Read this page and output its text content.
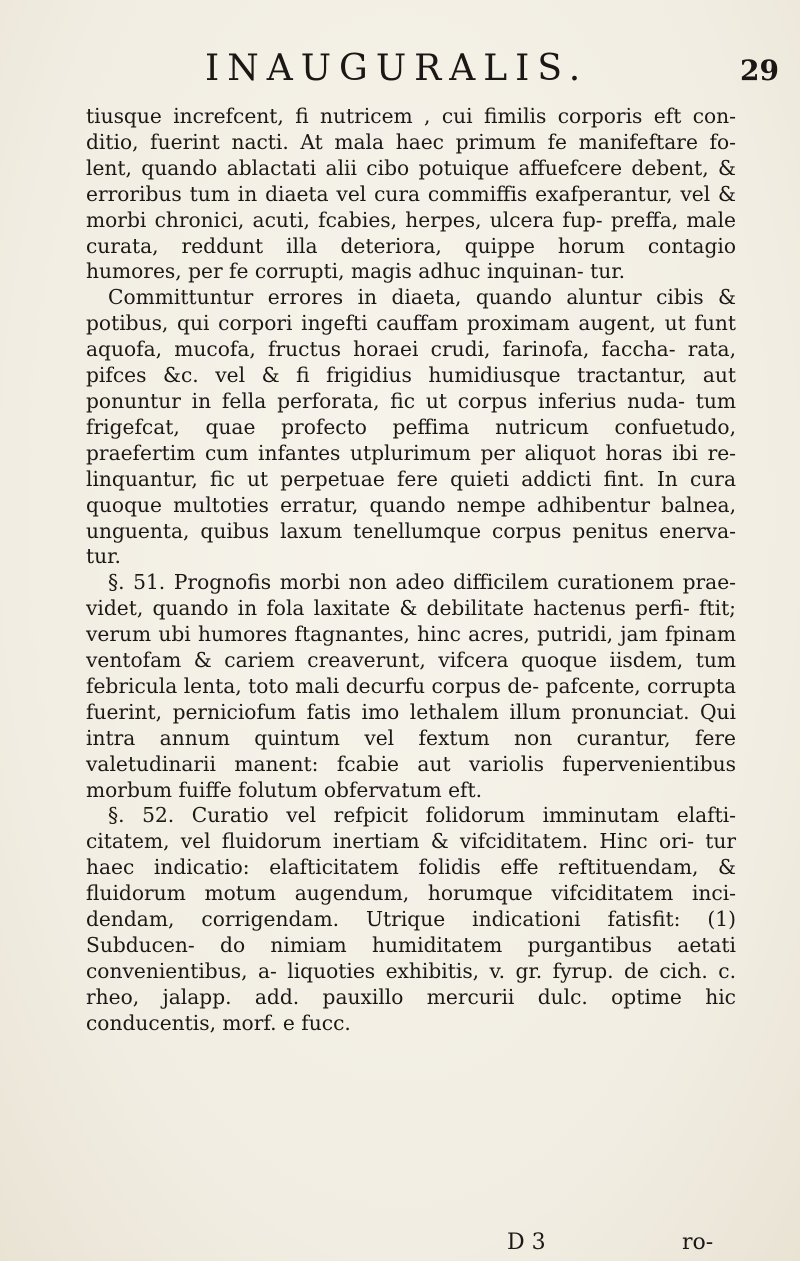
INAUGURALIS.	29

tiusque increfcent, fi nutricem , cui fimilis corporis eft con- ditio, fuerint nacti. At mala haec primum fe manifeftare fo- lent, quando ablactati alii cibo potuique affuefcere debent, & erroribus tum in diaeta vel cura commiffis exafperantur, vel & morbi chronici, acuti, fcabies, herpes, ulcera fup- preffa, male curata, reddunt illa deteriora, quippe horum contagio humores, per fe corrupti, magis adhuc inquinan- tur.

Committuntur errores in diaeta, quando aluntur cibis & potibus, qui corpori ingefti cauffam proximam augent, ut funt aquofa, mucofa, fructus horaei crudi, farinofa, faccha- rata, pifces &c. vel & fi frigidius humidiusque tractantur, aut ponuntur in fella perforata, fic ut corpus inferius nuda- tum frigefcat, quae profecto peffima nutricum confuetudo, praefertim cum infantes utplurimum per aliquot horas ibi re- linquantur, fic ut perpetuae fere quieti addicti fint. In cura quoque multoties erratur, quando nempe adhibentur balnea, unguenta, quibus laxum tenellumque corpus penitus enerva- tur.

§. 51. Prognofis morbi non adeo difficilem curationem prae- videt, quando in fola laxitate & debilitate hactenus perfi- ftit; verum ubi humores ftagnantes, hinc acres, putridi, jam fpinam ventofam & cariem creaverunt, vifcera quoque iisdem, tum febricula lenta, toto mali decurfu corpus de- pafcente, corrupta fuerint, perniciofum fatis imo lethalem illum pronunciat. Qui intra annum quintum vel fextum non curantur, fere valetudinarii manent: fcabie aut variolis fupervenientibus morbum fuiffe folutum obfervatum eft.

§. 52. Curatio vel refpicit folidorum imminutam elafti- citatem, vel fluidorum inertiam & vifciditatem. Hinc ori- tur haec indicatio: elafticitatem folidis effe reftituendam, & fluidorum motum augendum, horumque vifciditatem inci- dendam, corrigendam. Utrique indicationi fatisfit: (1) Subducen- do nimiam humiditatem purgantibus aetati convenientibus, a- liquoties exhibitis, v. gr. fyrup. de cich. c. rheo, jalapp. add. pauxillo mercurii dulc. optime hic conducentis, morf. e fucc.

D 3	ro-
